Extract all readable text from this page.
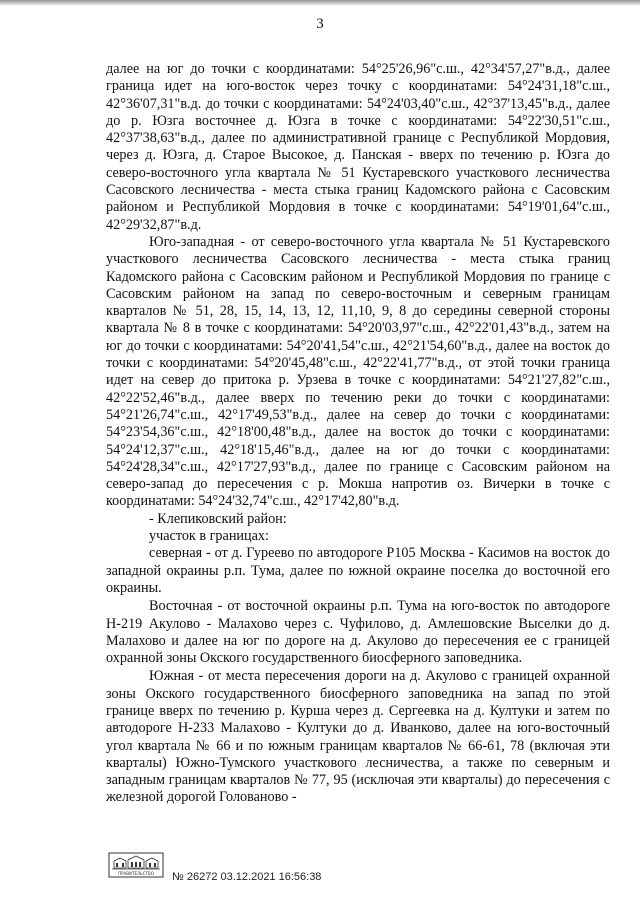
3

далее на юг до точки с координатами: 54°25'26,96"с.ш., 42°34'57,27"в.д., далее граница идет на юго-восток через точку с координатами: 54°24'31,18"с.ш., 42°36'07,31"в.д. до точки с координатами: 54°24'03,40"с.ш., 42°37'13,45"в.д., далее до р. Юзга восточнее д. Юзга в точке с координатами: 54°22'30,51"с.ш., 42°37'38,63"в.д., далее по административной границе с Республикой Мордовия, через д. Юзга, д. Старое Высокое, д. Панская - вверх по течению р. Юзга до северо-восточного угла квартала № 51 Кустаревского участкового лесничества Сасовского лесничества - места стыка границ Кадомского района с Сасовским районом и Республикой Мордовия в точке с координатами: 54°19'01,64"с.ш., 42°29'32,87"в.д.

Юго-западная - от северо-восточного угла квартала № 51 Кустаревского участкового лесничества Сасовского лесничества - места стыка границ Кадомского района с Сасовским районом и Республикой Мордовия по границе с Сасовским районом на запад по северо-восточным и северным границам кварталов № 51, 28, 15, 14, 13, 12, 11,10, 9, 8 до середины северной стороны квартала № 8 в точке с координатами: 54°20'03,97"с.ш., 42°22'01,43"в.д., затем на юг до точки с координатами: 54°20'41,54"с.ш., 42°21'54,60"в.д., далее на восток до точки с координатами: 54°20'45,48"с.ш., 42°22'41,77"в.д., от этой точки граница идет на север до притока р. Урзева в точке с координатами: 54°21'27,82"с.ш., 42°22'52,46"в.д., далее вверх по течению реки до точки с координатами: 54°21'26,74"с.ш., 42°17'49,53"в.д., далее на север до точки с координатами: 54°23'54,36"с.ш., 42°18'00,48"в.д., далее на восток до точки с координатами: 54°24'12,37"с.ш., 42°18'15,46"в.д., далее на юг до точки с координатами: 54°24'28,34"с.ш., 42°17'27,93"в.д., далее по границе с Сасовским районом на северо-запад до пересечения с р. Мокша напротив оз. Вичерки в точке с координатами: 54°24'32,74"с.ш., 42°17'42,80"в.д.

- Клепиковский район:

участок в границах:

северная - от д. Гуреево по автодороге Р105 Москва - Касимов на восток до западной окраины р.п. Тума, далее по южной окраине поселка до восточной его окраины.

Восточная - от восточной окраины р.п. Тума на юго-восток по автодороге Н-219 Акулово - Малахово через с. Чуфилово, д. Амлешовские Выселки до д. Малахово и далее на юг по дороге на д. Акулово до пересечения ее с границей охранной зоны Окского государственного биосферного заповедника.

Южная - от места пересечения дороги на д. Акулово с границей охранной зоны Окского государственного биосферного заповедника на запад по этой границе вверх по течению р. Курша через д. Сергеевка на д. Култуки и затем по автодороге Н-233 Малахово - Култуки до д. Иванково, далее на юго-восточный угол квартала № 66 и по южным границам кварталов № 66-61, 78 (включая эти кварталы) Южно-Тумского участкового лесничества, а также по северным и западным границам кварталов № 77, 95 (исключая эти кварталы) до пересечения с железной дорогой Голованово -

ПРАВИТЕЛЬСТВО № 26272 03.12.2021 16:56:38
